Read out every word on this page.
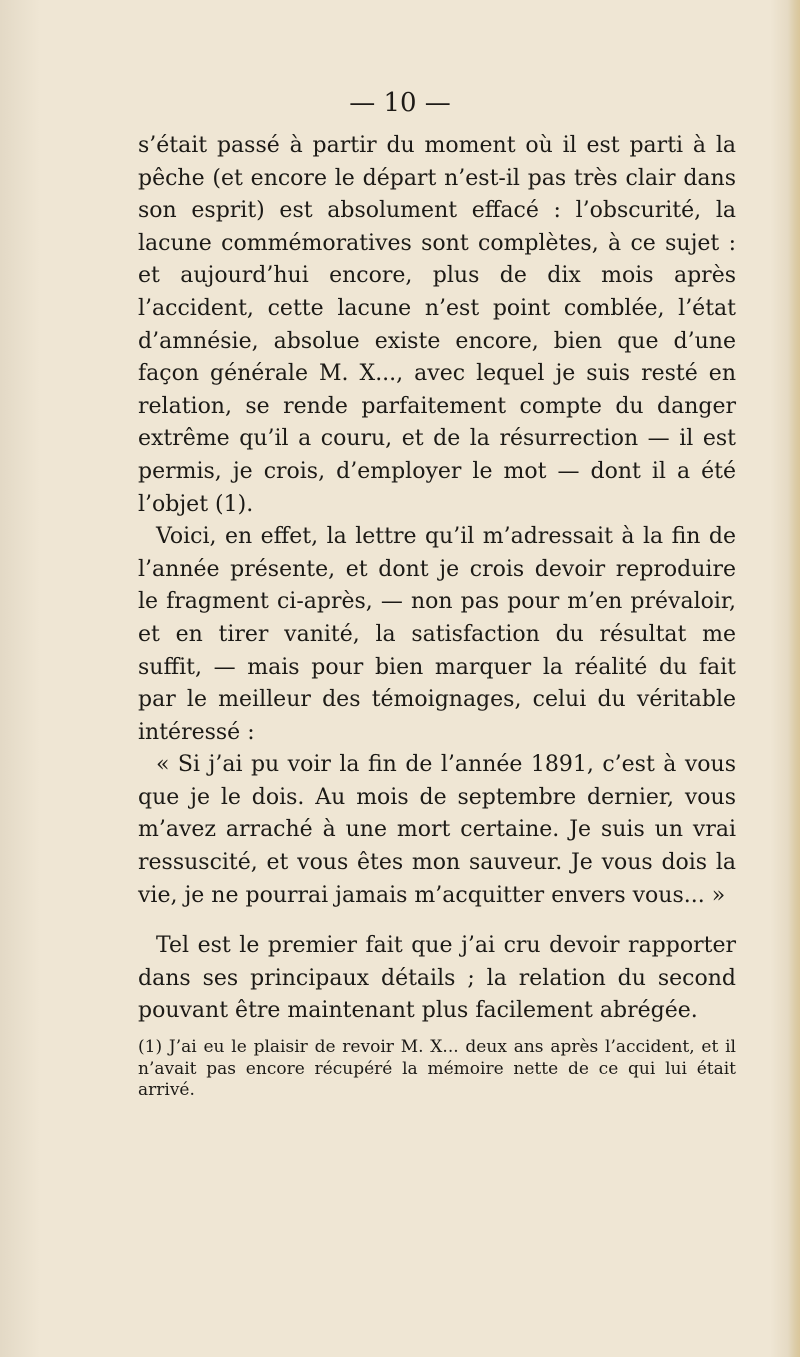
— 10 —

s’était passé à partir du moment où il est parti à la pêche (et encore le départ n’est-il pas très clair dans son esprit) est absolument effacé : l’obscurité, la lacune commémoratives sont complètes, à ce sujet : et aujourd’hui encore, plus de dix mois après l’accident, cette lacune n’est point comblée, l’état d’amnésie, absolue existe encore, bien que d’une façon générale M. X..., avec lequel je suis resté en relation, se rende parfaitement compte du danger extrême qu’il a couru, et de la résurrection — il est permis, je crois, d’employer le mot — dont il a été l’objet (1).

Voici, en effet, la lettre qu’il m’adressait à la fin de l’année présente, et dont je crois devoir reproduire le fragment ci-après, — non pas pour m’en prévaloir, et en tirer vanité, la satisfaction du résultat me suffit, — mais pour bien marquer la réalité du fait par le meilleur des témoignages, celui du véritable intéressé :

« Si j’ai pu voir la fin de l’année 1891, c’est à vous que je le dois. Au mois de septembre dernier, vous m’avez arraché à une mort certaine. Je suis un vrai ressuscité, et vous êtes mon sauveur. Je vous dois la vie, je ne pourrai jamais m’acquitter envers vous... »

Tel est le premier fait que j’ai cru devoir rapporter dans ses principaux détails ; la relation du second pouvant être maintenant plus facilement abrégée.

(1) J’ai eu le plaisir de revoir M. X... deux ans après l’accident, et il n’avait pas encore récupéré la mémoire nette de ce qui lui était arrivé.
